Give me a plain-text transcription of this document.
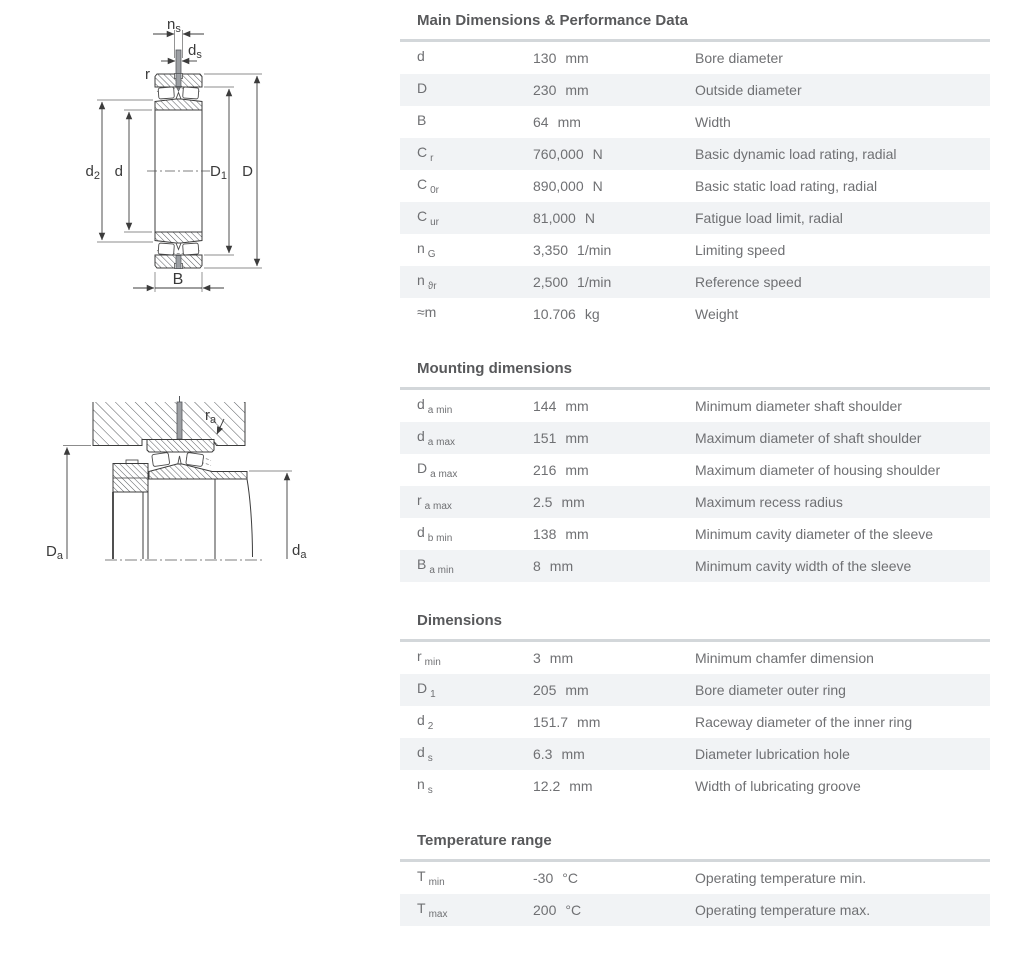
$n_s$
$d_s$
r
$d_2$ d	$D_1$ D
B
$r_a$
$D_a$	$d_a$
Main Dimensions & Performance Data
d	130 mm	Bore diameter
D	230 mm	Outside diameter
B	64 mm	Width
C $_r$	760,000 N	Basic dynamic load rating, radial
C $_{0r}$	890,000 N	Basic static load rating, radial
C $_{ur}$	81,000 N	Fatigue load limit, radial
n $_G$	3,350 1/min	Limiting speed
n $_{ϑr}$	2,500 1/min	Reference speed
≈m	10.706 kg	Weight
Mounting dimensions
d $_{a min}$	144 mm	Minimum diameter shaft shoulder
d $_{a max}$	151 mm	Maximum diameter of shaft shoulder
D $_{a max}$	216 mm	Maximum diameter of housing shoulder
r $_{a max}$	2.5 mm	Maximum recess radius
d $_{b min}$	138 mm	Minimum cavity diameter of the sleeve
B $_{a min}$	8 mm	Minimum cavity width of the sleeve
Dimensions
r $_{min}$	3 mm	Minimum chamfer dimension
D $_1$	205 mm	Bore diameter outer ring
d $_2$	151.7 mm	Raceway diameter of the inner ring
d $_s$	6.3 mm	Diameter lubrication hole
n $_s$	12.2 mm	Width of lubricating groove
Temperature range
T $_{min}$	-30 °C	Operating temperature min.
T $_{max}$	200 °C	Operating temperature max.
